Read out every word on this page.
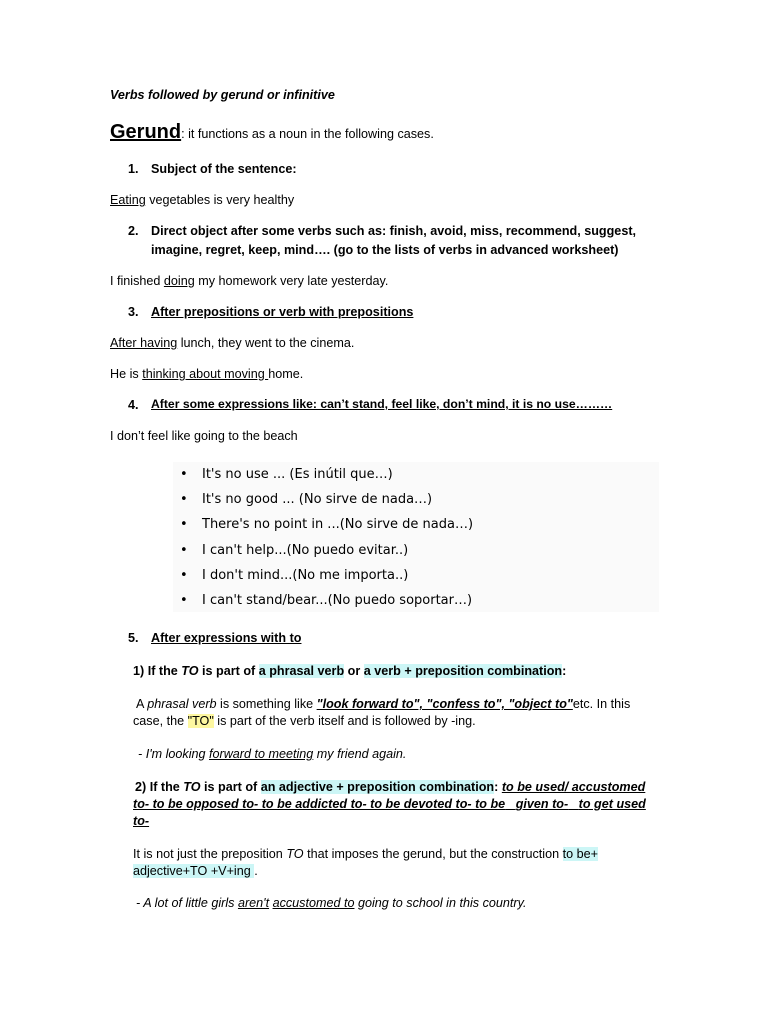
Verbs followed by gerund or infinitive
Gerund: it functions as a noun in the following cases.
1. Subject of the sentence:
Eating vegetables is very healthy
2. Direct object after some verbs such as: finish, avoid, miss, recommend, suggest,
imagine, regret, keep, mind…. (go to the lists of verbs in advanced worksheet)
I finished doing my homework very late yesterday.
3. After prepositions or verb with prepositions
After having lunch, they went to the cinema.
He is thinking about moving home.
4. After some expressions like: can’t stand, feel like, don’t mind, it is no use………
I don’t feel like going to the beach
• It's no use ... (Es inútil que…)
• It's no good ... (No sirve de nada…)
• There's no point in ...(No sirve de nada…)
• I can't help...(No puedo evitar..)
• I don't mind...(No me importa..)
• I can't stand/bear...(No puedo soportar…)
5. After expressions with to
1) If the TO is part of a phrasal verb or a verb + preposition combination:
A phrasal verb is something like "look forward to", "confess to", "object to"etc. In this
case, the "TO" is part of the verb itself and is followed by -ing.
- I'm looking forward to meeting my friend again.
2) If the TO is part of an adjective + preposition combination: to be used/ accustomed
to- to be opposed to- to be addicted to- to be devoted to- to be given to- to get used
to-
It is not just the preposition TO that imposes the gerund, but the construction to be+
adjective+TO +V+ing .
- A lot of little girls aren't accustomed to going to school in this country.
